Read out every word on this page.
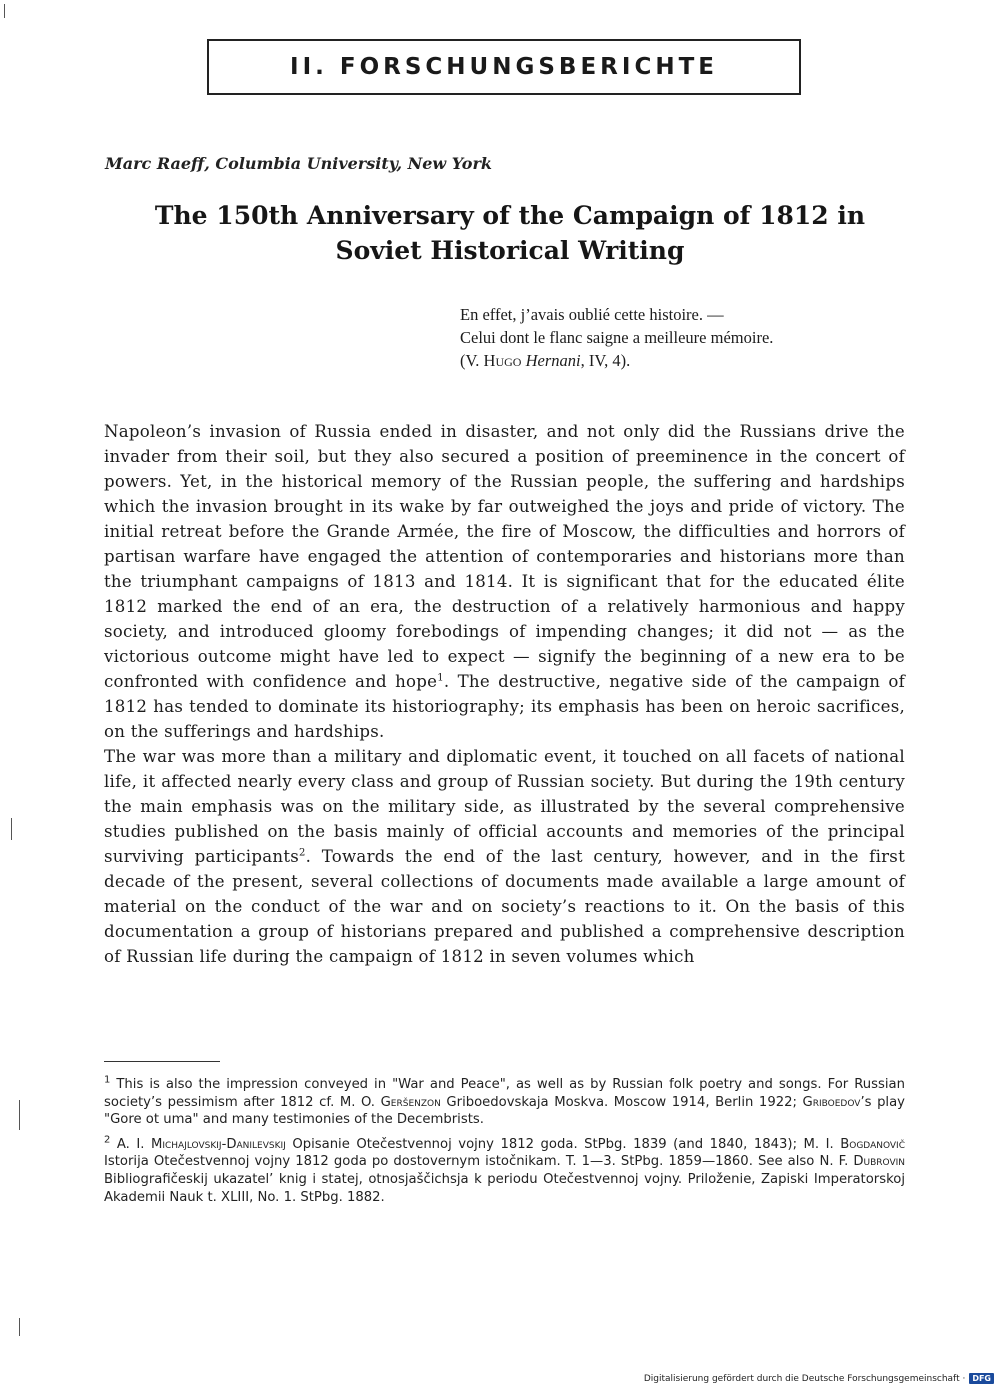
II. FORSCHUNGSBERICHTE
Marc Raeff, Columbia University, New York
The 150th Anniversary of the Campaign of 1812 in
Soviet Historical Writing
En effet, j’avais oublié cette histoire. —
Celui dont le flanc saigne a meilleure mémoire.
(V. Hugo Hernani, IV, 4).

Napoleon’s invasion of Russia ended in disaster, and not only did the Russians drive the invader from their soil, but they also secured a position of preeminence in the concert of powers. Yet, in the historical memory of the Russian people, the suffering and hardships which the invasion brought in its wake by far outweighed the joys and pride of victory. The initial retreat before the Grande Armée, the fire of Moscow, the difficulties and horrors of partisan warfare have engaged the attention of contemporaries and historians more than the triumphant campaigns of 1813 and 1814. It is significant that for the educated élite 1812 marked the end of an era, the destruction of a relatively harmonious and happy society, and introduced gloomy forebodings of impending changes; it did not — as the victorious outcome might have led to expect — signify the beginning of a new era to be confronted with confidence and hope$^1$. The destructive, negative side of the campaign of 1812 has tended to dominate its historiography; its emphasis has been on heroic sacrifices, on the sufferings and hardships.

The war was more than a military and diplomatic event, it touched on all facets of national life, it affected nearly every class and group of Russian society. But during the 19th century the main emphasis was on the military side, as illustrated by the several comprehensive studies published on the basis mainly of official accounts and memories of the principal surviving participants$^2$. Towards the end of the last century, however, and in the first decade of the present, several collections of documents made available a large amount of material on the conduct of the war and on society’s reactions to it. On the basis of this documentation a group of historians prepared and published a comprehensive description of Russian life during the campaign of 1812 in seven volumes which

$^1$ This is also the impression conveyed in "War and Peace", as well as by Russian folk poetry and songs. For Russian society’s pessimism after 1812 cf. M. O. Geršenzon Griboedovskaja Moskva. Moscow 1914, Berlin 1922; Griboedov’s play "Gore ot uma" and many testimonies of the Decembrists.

$^2$ A. I. Michajlovskij-Danilevskij Opisanie Otečestvennoj vojny 1812 goda. StPbg. 1839 (and 1840, 1843); M. I. Bogdanovič Istorija Otečestvennoj vojny 1812 goda po dostovernym istočnikam. T. 1—3. StPbg. 1859—1860. See also N. F. Dubrovin Bibliografičeskij ukazatel’ knig i statej, otnosjaščichsja k periodu Otečestvennoj vojny. Priloženie, Zapiski Imperatorskoj Akademii Nauk t. XLIII, No. 1. StPbg. 1882.

Digitalisierung gefördert durch die Deutsche Forschungsgemeinschaft · DFG
